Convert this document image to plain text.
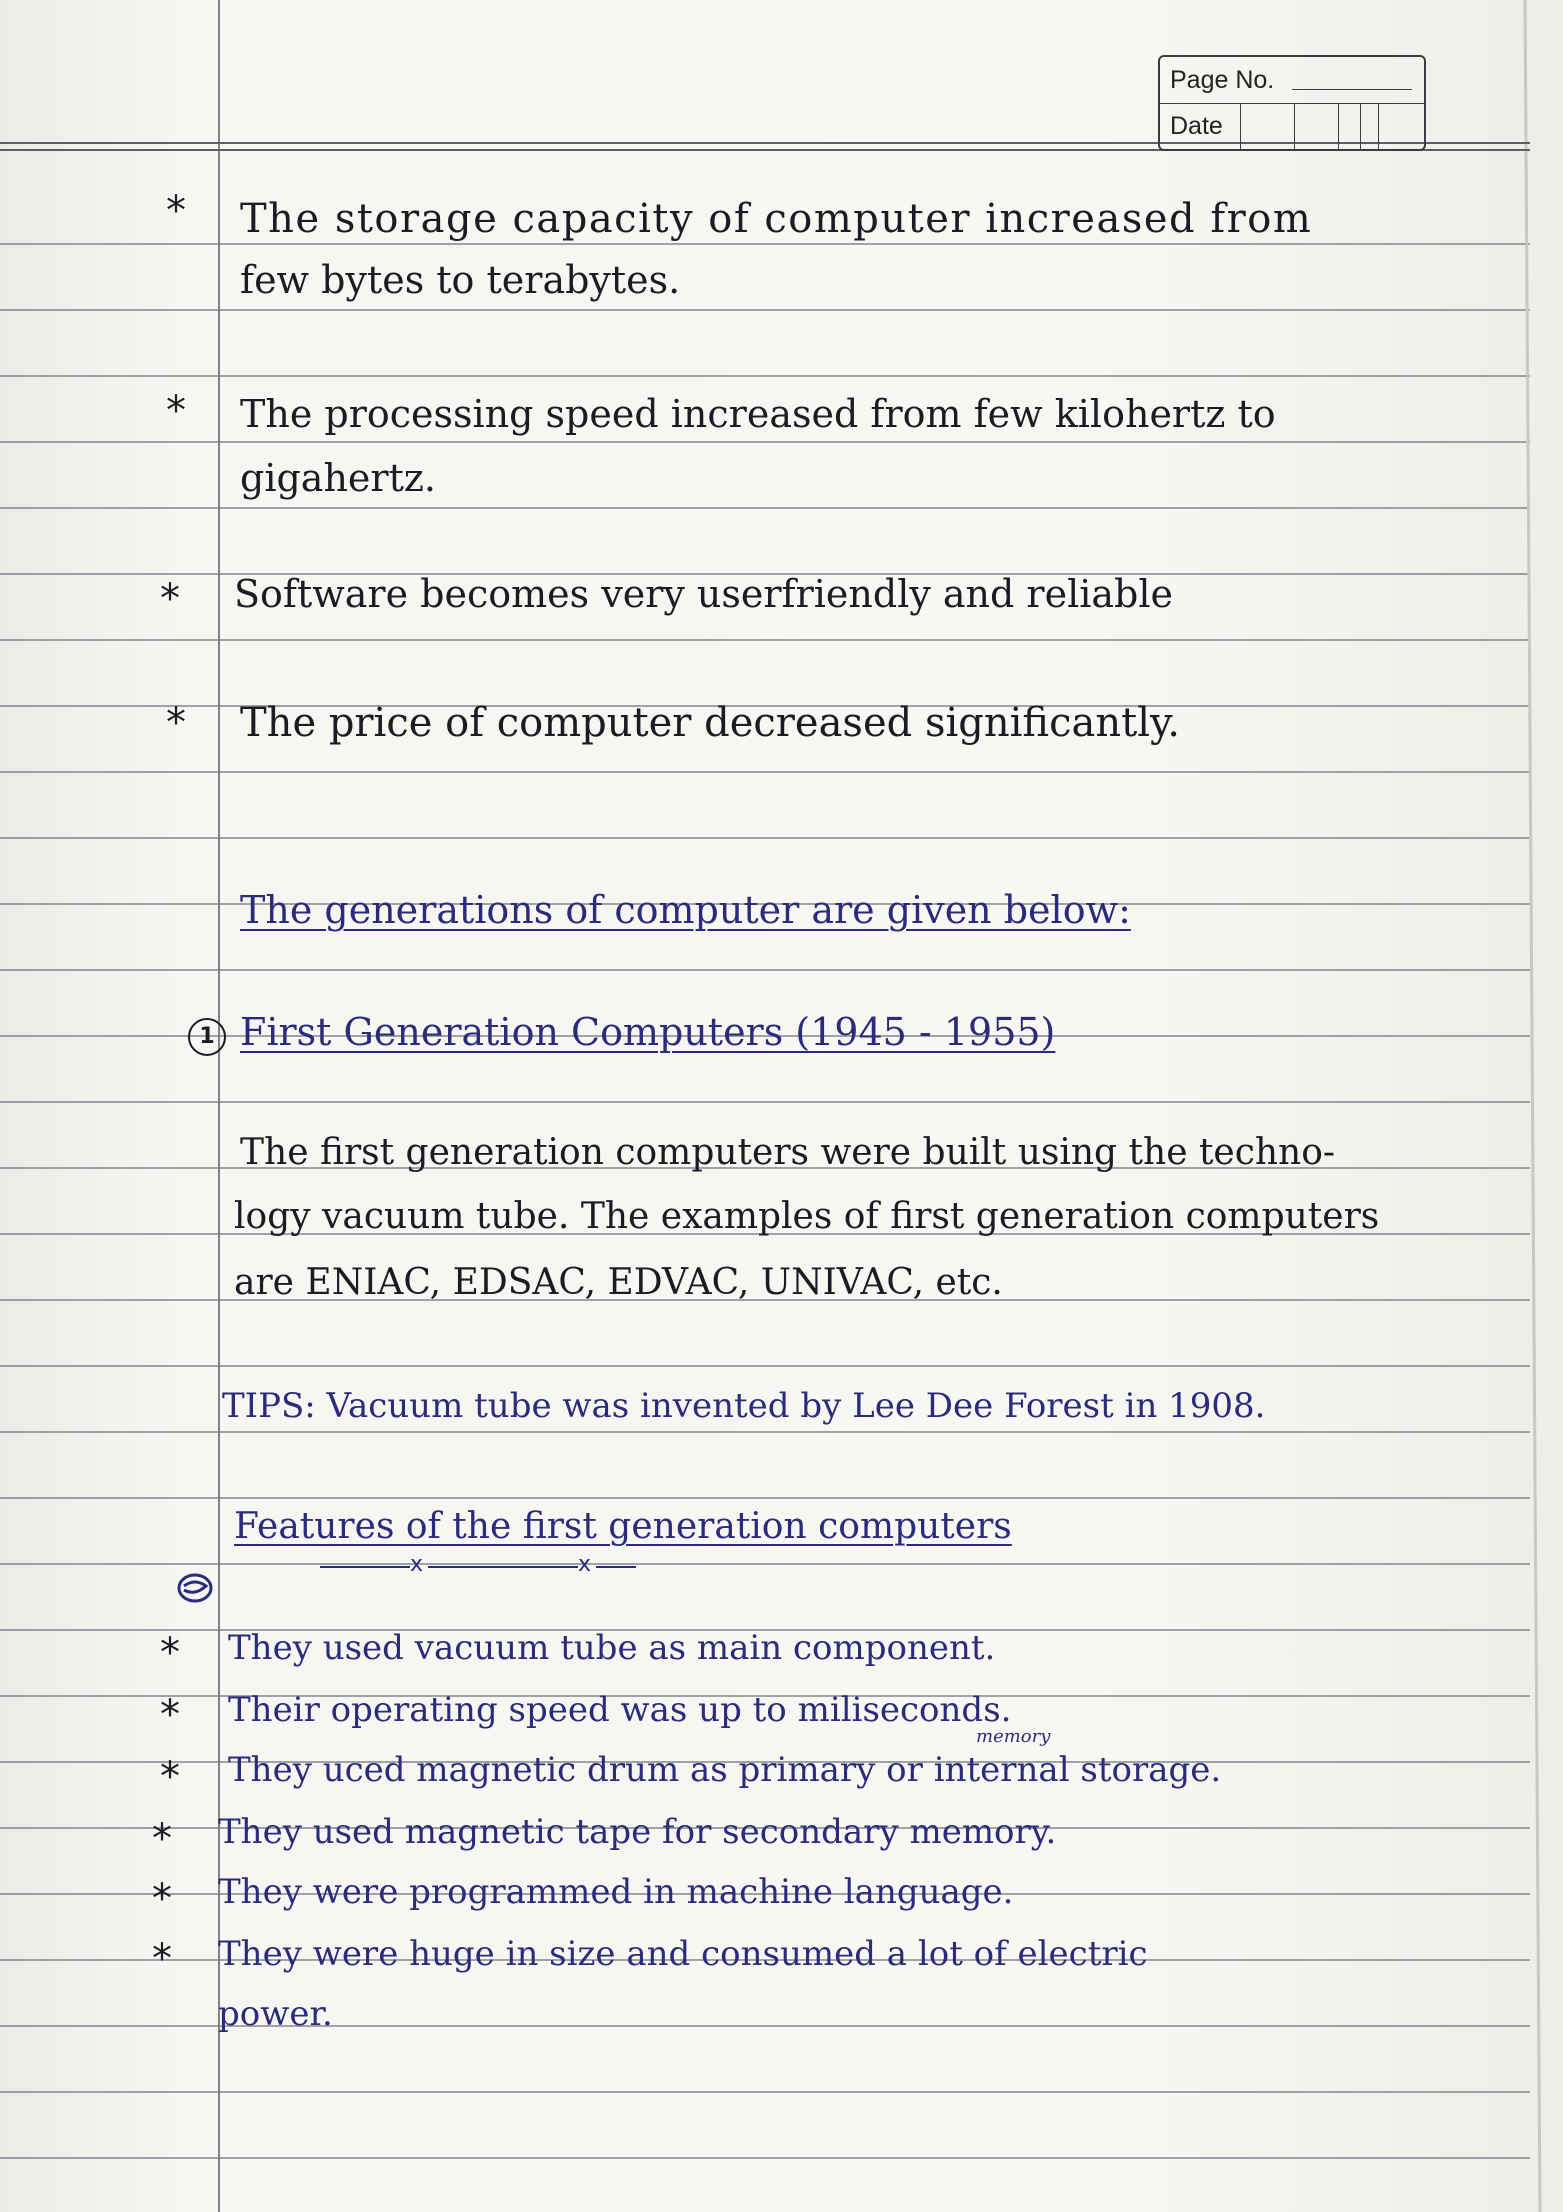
Page No.
Date
* The storage capacity of computer increased from
few bytes to terabytes.
* The processing speed increased from few kilohertz to
gigahertz.
* Software becomes very userfriendly and reliable
* The price of computer decreased significantly.
The generations of computer are given below:
1 First Generation Computers (1945 - 1955)
The first generation computers were built using the techno-
logy vacuum tube. The examples of first generation computers
are ENIAC, EDSAC, EDVAC, UNIVAC, etc.
TIPS: Vacuum tube was invented by Lee Dee Forest in 1908.
Features of the first generation computers
x	x
* They used vacuum tube as main component.
* Their operating speed was up to miliseconds.
memory
* They uced magnetic drum as primary or internal storage.
* They used magnetic tape for secondary memory.
* They were programmed in machine language.
* They were huge in size and consumed a lot of electric
power.
